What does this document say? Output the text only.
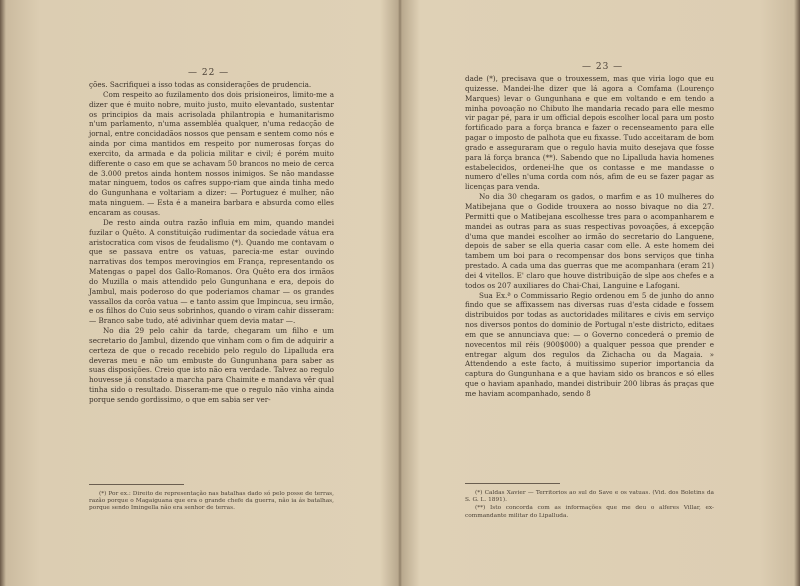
— 22 —

ções. Sacrifiquei a isso todas as considerações de prudencia.

Com respeito ao fuzilamento dos dois prisioneiros, limito-me a dizer que é muito nobre, muito justo, muito elevantado, sustentar os principios da mais acrisolada philantropia e humanitarismo n'um parlamento, n'uma assembléa qualquer, n'uma redacção de jornal, entre concidadãos nossos que pensam e sentem como nós e ainda por cima mantidos em respeito por numerosas forças do exercito, da armada e da policia militar e civil; é porém muito differente o caso em que se achavam 50 brancos no meio de cerca de 3.000 pretos ainda hontem nossos inimigos. Se não mandasse matar ninguem, todos os cafres suppo-riam que ainda tinha medo do Gungunhana e voltariam a dizer: — Portuguez é mulher, não mata ninguem. — Esta é a maneira barbara e absurda como elles encaram as cousas.

De resto ainda outra razão influia em mim, quando mandei fuzilar o Quêto. A constituição rudimentar da sociedade vátua era aristocratica com visos de feudalismo (*). Quando me contavam o que se passava entre os vatuas, parecia-me estar ouvindo narrativas dos tempos merovingios em França, representando os Matengas o papel dos Gallo-Romanos. Ora Quêto era dos irmãos do Muzilla o mais attendido pelo Gungunhana e era, depois do Jambul, mais poderoso do que poderiamos chamar — os grandes vassallos da corôa vatua — e tanto assim que Impincua, seu irmão, e os filhos do Cuio seus sobrinhos, quando o viram cahir disseram: — Branco sabe tudo, até adivinhar quem devia matar —.

No dia 29 pelo cahir da tarde, chegaram um filho e um secretario do Jambul, dizendo que vinham com o fim de adquirir a certeza de que o recado recebido pelo regulo do Lipalluda era deveras meu e não um embuste do Gungunhana para saber as suas disposições. Creio que isto não era verdade. Talvez ao regulo houvesse já constado a marcha para Chaimite e mandava vêr qual tinha sido o resultado. Disseram-me que o regulo não vinha ainda porque sendo gordissimo, o que em sabia ser ver-

(*) Por ex.: Direito de representação nas batalhas dado só pelo posse de terras, razão porque o Magaiguana que era o grande chefe da guerra, não ia ás batalhas, porque sendo Imingella não era senhor de terras.

— 23 —

dade (*), precisava que o trouxessem, mas que viria logo que eu quizesse. Mandei-lhe dizer que lá agora a Comfama (Lourenço Marques) levar o Gungunhana e que em voltando e em tendo a minha povoação no Chibuto lhe mandaria recado para elle mesmo vir pagar pé, para ir um official depois escolher local para um posto fortificado para a força branca e fazer o recenseamento para elle pagar o imposto de palhota que eu fixasse. Tudo acceitaram de bom grado e asseguraram que o regulo havia muito desejava que fosse para lá força branca (**). Sabendo que no Lipalluda havia homenes estabelecidos, ordenei-lhe que os contasse e me mandasse o numero d'elles n'uma corda com nós, afim de eu se fazer pagar as licenças para venda.

No dia 30 chegaram os gados, o marfim e as 10 mulheres do Matibejana que o Godide trouxera ao nosso bivaque no dia 27. Permitti que o Matibejana escolhesse tres para o acompanharem e mandei as outras para as suas respectivas povoações, á excepção d'uma que mandei escolher ao irmão do secretario do Languene, depois de saber se ella queria casar com elle. A este homem dei tambem um boi para o recompensar dos bons serviços que tinha prestado. A cada uma das guerras que me acompanhara (eram 21) dei 4 vitellos. E' claro que houve distribuição de slpe aos chefes e a todos os 207 auxiliares do Chai-Chai, Languine e Lafogani.

Sua Ex.ª o Commissario Regio ordenou em 5 de junho do anno findo que se affixassem nas diversas ruas d'esta cidade e fossem distribuidos por todas as auctoridades militares e civis em serviço nos diversos pontos do dominio de Portugal n'este districto, editaes em que se annunciava que: — o Governo concederá o premio de novecentos mil réis (900$000) a qualquer pessoa que prender e entregar algum dos regulos da Zichacha ou da Magaia. » Attendendo a este facto, á muitissimo superior importancia da captura do Gungunhana e a que haviam sido os brancos e só elles que o haviam apanhado, mandei distribuir 200 libras ás praças que me haviam acompanhado, sendo 8

(*) Caldas Xavier — Territorios ao sul do Save e os vatuas. (Vid. dos Boletins da S. G. L. 1891).

(**) Isto concorda com as informações que me deu o alferes Villar, ex-commandante militar do Lipalluda.
